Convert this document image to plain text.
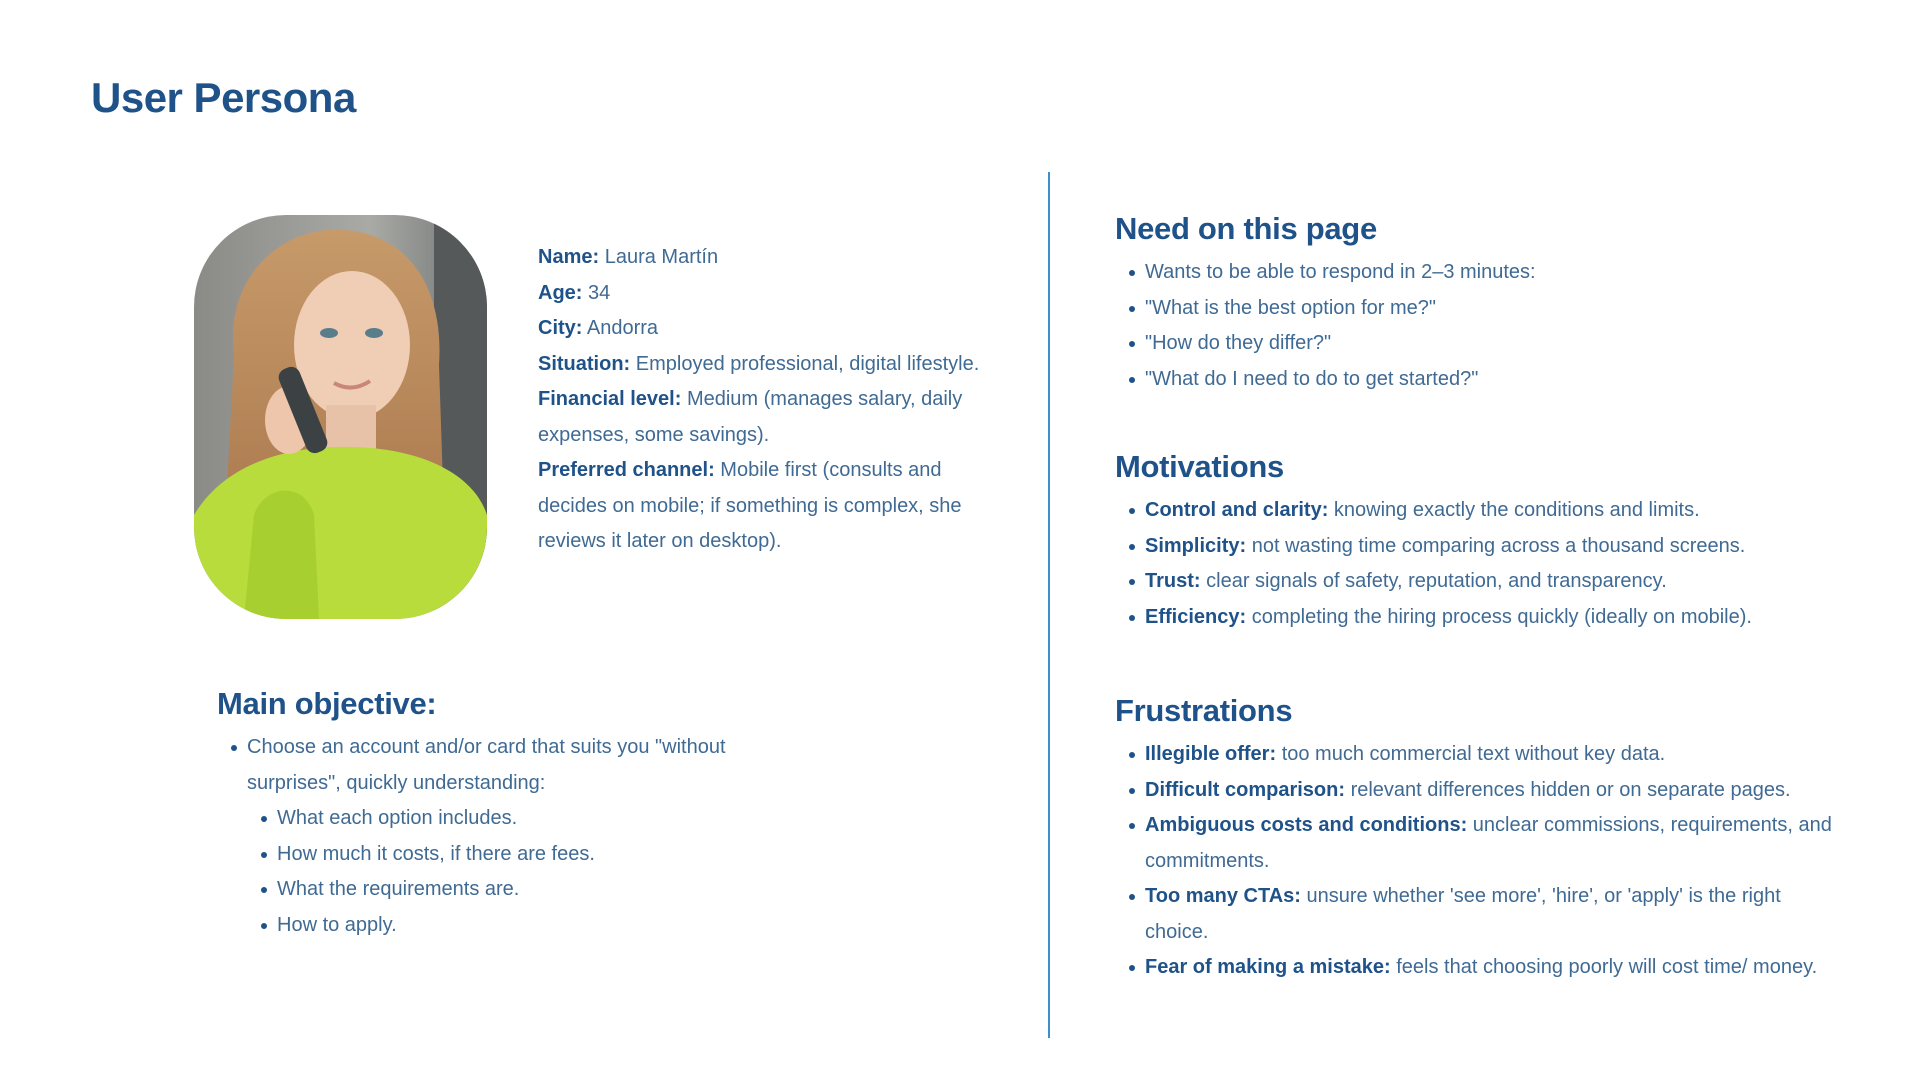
User Persona

Name: Laura Martín

Age: 34

City: Andorra

Situation: Employed professional, digital lifestyle.

Financial level: Medium (manages salary, daily expenses, some savings).

Preferred channel: Mobile first (consults and decides on mobile; if something is complex, she reviews it later on desktop).

Main objective:
Choose an account and/or card that suits you "without surprises", quickly understanding:
What each option includes.
How much it costs, if there are fees.
What the requirements are.
How to apply.
Need on this page
Wants to be able to respond in 2–3 minutes:
"What is the best option for me?"
"How do they differ?"
"What do I need to do to get started?"
Motivations
Control and clarity: knowing exactly the conditions and limits.
Simplicity: not wasting time comparing across a thousand screens.
Trust: clear signals of safety, reputation, and transparency.
Efficiency: completing the hiring process quickly (ideally on mobile).
Frustrations
Illegible offer: too much commercial text without key data.
Difficult comparison: relevant differences hidden or on separate pages.
Ambiguous costs and conditions: unclear commissions, requirements, and commitments.
Too many CTAs: unsure whether 'see more', 'hire', or 'apply' is the right choice.
Fear of making a mistake: feels that choosing poorly will cost time/ money.
